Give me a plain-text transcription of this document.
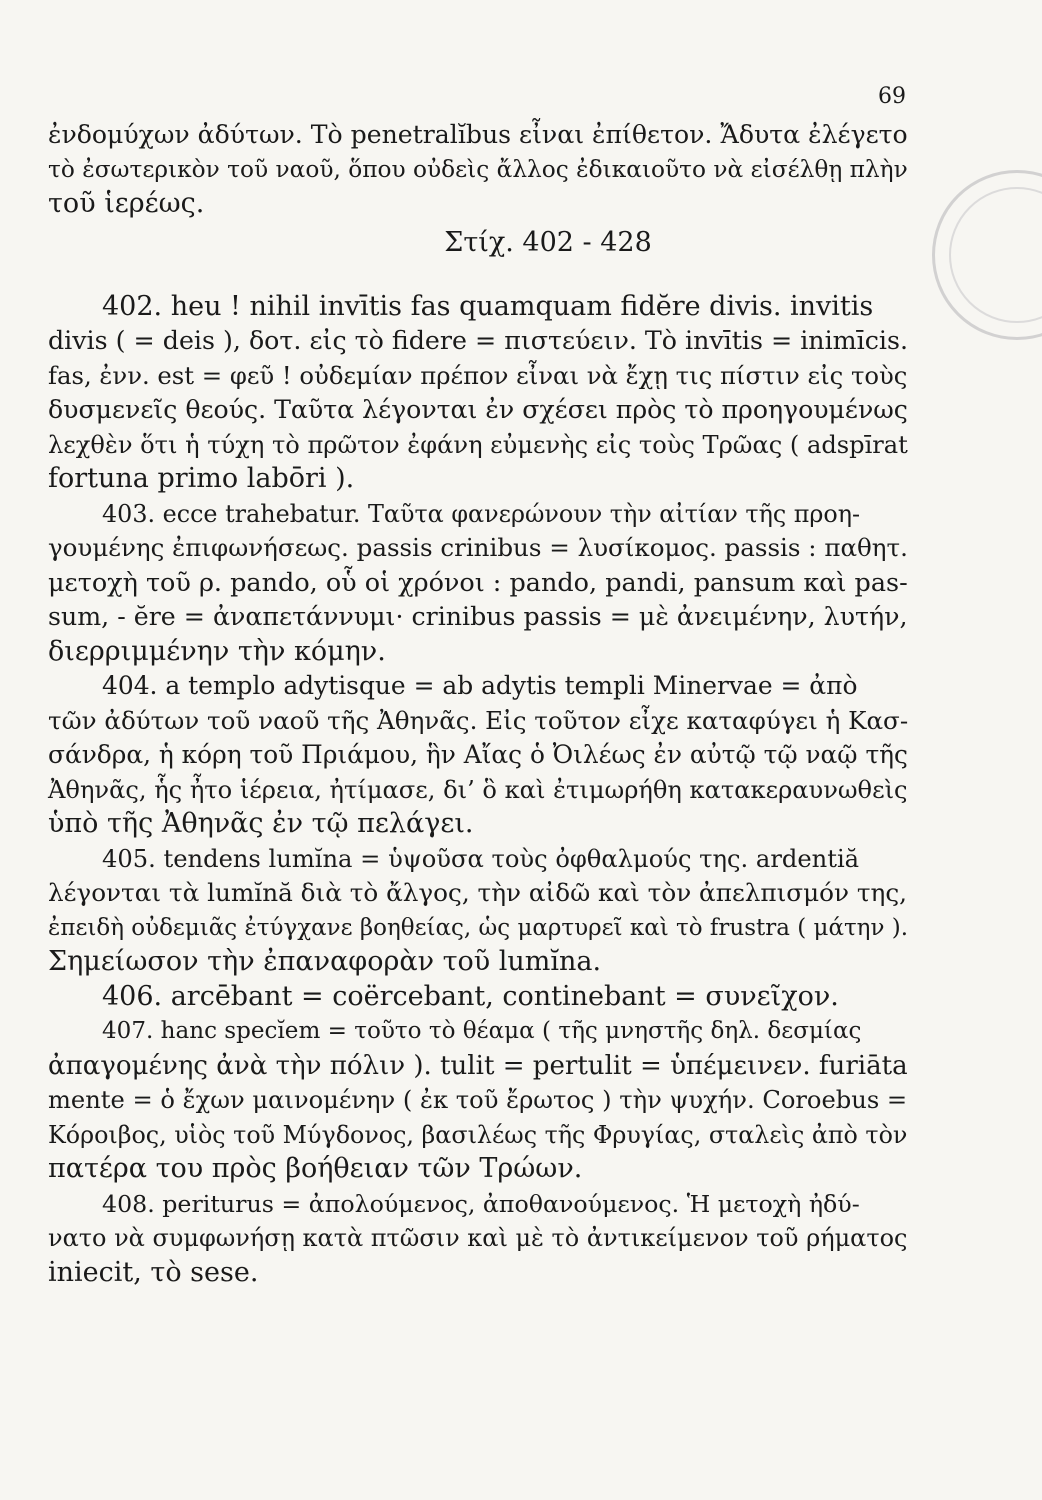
69
ἐνδομύχων ἀδύτων. Τὸ penetralĭbus εἶναι ἐπίθετον. Ἄδυτα ἐλέγετο
τὸ ἐσωτερικὸν τοῦ ναοῦ, ὅπου οὐδεὶς ἄλλος ἐδικαιοῦτο νὰ εἰσέλθῃ πλὴν
τοῦ ἱερέως.
Στίχ. 402 - 428
402. heu ! nihil invītis fas quamquam fidĕre divis. invitis
divis ( = deis ), δοτ. εἰς τὸ fidere = πιστεύειν. Τὸ invītis = inimīcis.
fas, ἐνν. est = φεῦ ! οὐδεμίαν πρέπον εἶναι νὰ ἔχῃ τις πίστιν εἰς τοὺς
δυσμενεῖς θεούς. Ταῦτα λέγονται ἐν σχέσει πρὸς τὸ προηγουμένως
λεχθὲν ὅτι ἡ τύχη τὸ πρῶτον ἐφάνη εὐμενὴς εἰς τοὺς Τρῶας ( adspīrat
fortuna primo labōri ).
403. ecce trahebatur. Ταῦτα φανερώνουν τὴν αἰτίαν τῆς προη-
γουμένης ἐπιφωνήσεως. passis crinibus = λυσίκομος. passis : παθητ.
μετοχὴ τοῦ ρ. pando, οὗ οἱ χρόνοι : pando, pandi, pansum καὶ pas-
sum, - ĕre = ἀναπετάννυμι· crinibus passis = μὲ ἀνειμένην, λυτήν,
διερριμμένην τὴν κόμην.
404. a templo adytisque = ab adytis templi Minervae = ἀπὸ
τῶν ἀδύτων τοῦ ναοῦ τῆς Ἀθηνᾶς. Εἰς τοῦτον εἶχε καταφύγει ἡ Κασ-
σάνδρα, ἡ κόρη τοῦ Πριάμου, ἣν Αἴας ὁ Ὀιλέως ἐν αὐτῷ τῷ ναῷ τῆς
Ἀθηνᾶς, ἧς ἦτο ἱέρεια, ἠτίμασε, δι’ ὃ καὶ ἐτιμωρήθη κατακεραυνωθεὶς
ὑπὸ τῆς Ἀθηνᾶς ἐν τῷ πελάγει.
405. tendens lumĭna = ὑψοῦσα τοὺς ὀφθαλμούς της. ardentiă
λέγονται τὰ lumĭnă διὰ τὸ ἄλγος, τὴν αἰδῶ καὶ τὸν ἀπελπισμόν της,
ἐπειδὴ οὐδεμιᾶς ἐτύγχανε βοηθείας, ὡς μαρτυρεῖ καὶ τὸ frustra ( μάτην ).
Σημείωσον τὴν ἐπαναφορὰν τοῦ lumĭna.
406. arcēbant = coërcebant, continebant = συνεῖχον.
407. hanc specĭem = τοῦτο τὸ θέαμα ( τῆς μνηστῆς δηλ. δεσμίας
ἀπαγομένης ἀνὰ τὴν πόλιν ). tulit = pertulit = ὑπέμεινεν. furiāta
mente = ὁ ἔχων μαινομένην ( ἐκ τοῦ ἔρωτος ) τὴν ψυχήν. Coroebus =
Κόροιβος, υἱὸς τοῦ Μύγδονος, βασιλέως τῆς Φρυγίας, σταλεὶς ἀπὸ τὸν
πατέρα του πρὸς βοήθειαν τῶν Τρώων.
408. periturus = ἀπολούμενος, ἀποθανούμενος. Ἡ μετοχὴ ἠδύ-
νατο νὰ συμφωνήσῃ κατὰ πτῶσιν καὶ μὲ τὸ ἀντικείμενον τοῦ ρήματος
iniecit, τὸ sese.
